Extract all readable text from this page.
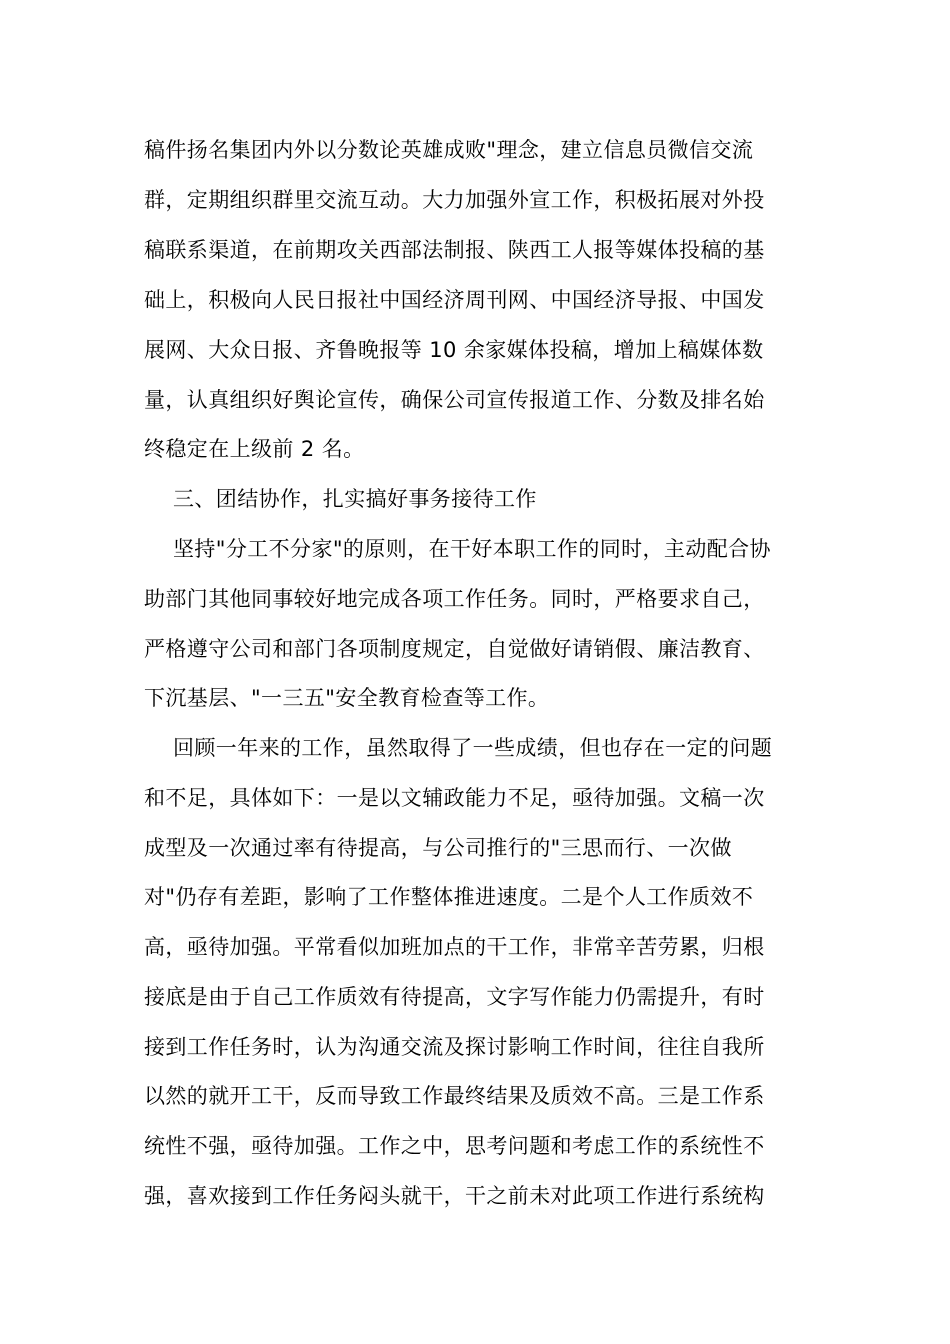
稿件扬名集团内外以分数论英雄成败"理念，建立信息员微信交流
群，定期组织群里交流互动。大力加强外宣工作，积极拓展对外投
稿联系渠道，在前期攻关西部法制报、陕西工人报等媒体投稿的基
础上，积极向人民日报社中国经济周刊网、中国经济导报、中国发
展网、大众日报、齐鲁晚报等 10 余家媒体投稿，增加上稿媒体数
量，认真组织好舆论宣传，确保公司宣传报道工作、分数及排名始
终稳定在上级前 2 名。
三、团结协作，扎实搞好事务接待工作
坚持"分工不分家"的原则，在干好本职工作的同时，主动配合协
助部门其他同事较好地完成各项工作任务。同时，严格要求自己，
严格遵守公司和部门各项制度规定，自觉做好请销假、廉洁教育、
下沉基层、"一三五"安全教育检查等工作。
回顾一年来的工作，虽然取得了一些成绩，但也存在一定的问题
和不足，具体如下：一是以文辅政能力不足，亟待加强。文稿一次
成型及一次通过率有待提高，与公司推行的"三思而行、一次做
对"仍存有差距，影响了工作整体推进速度。二是个人工作质效不
高，亟待加强。平常看似加班加点的干工作，非常辛苦劳累，归根
接底是由于自己工作质效有待提高，文字写作能力仍需提升，有时
接到工作任务时，认为沟通交流及探讨影响工作时间，往往自我所
以然的就开工干，反而导致工作最终结果及质效不高。三是工作系
统性不强，亟待加强。工作之中，思考问题和考虑工作的系统性不
强，喜欢接到工作任务闷头就干，干之前未对此项工作进行系统构
